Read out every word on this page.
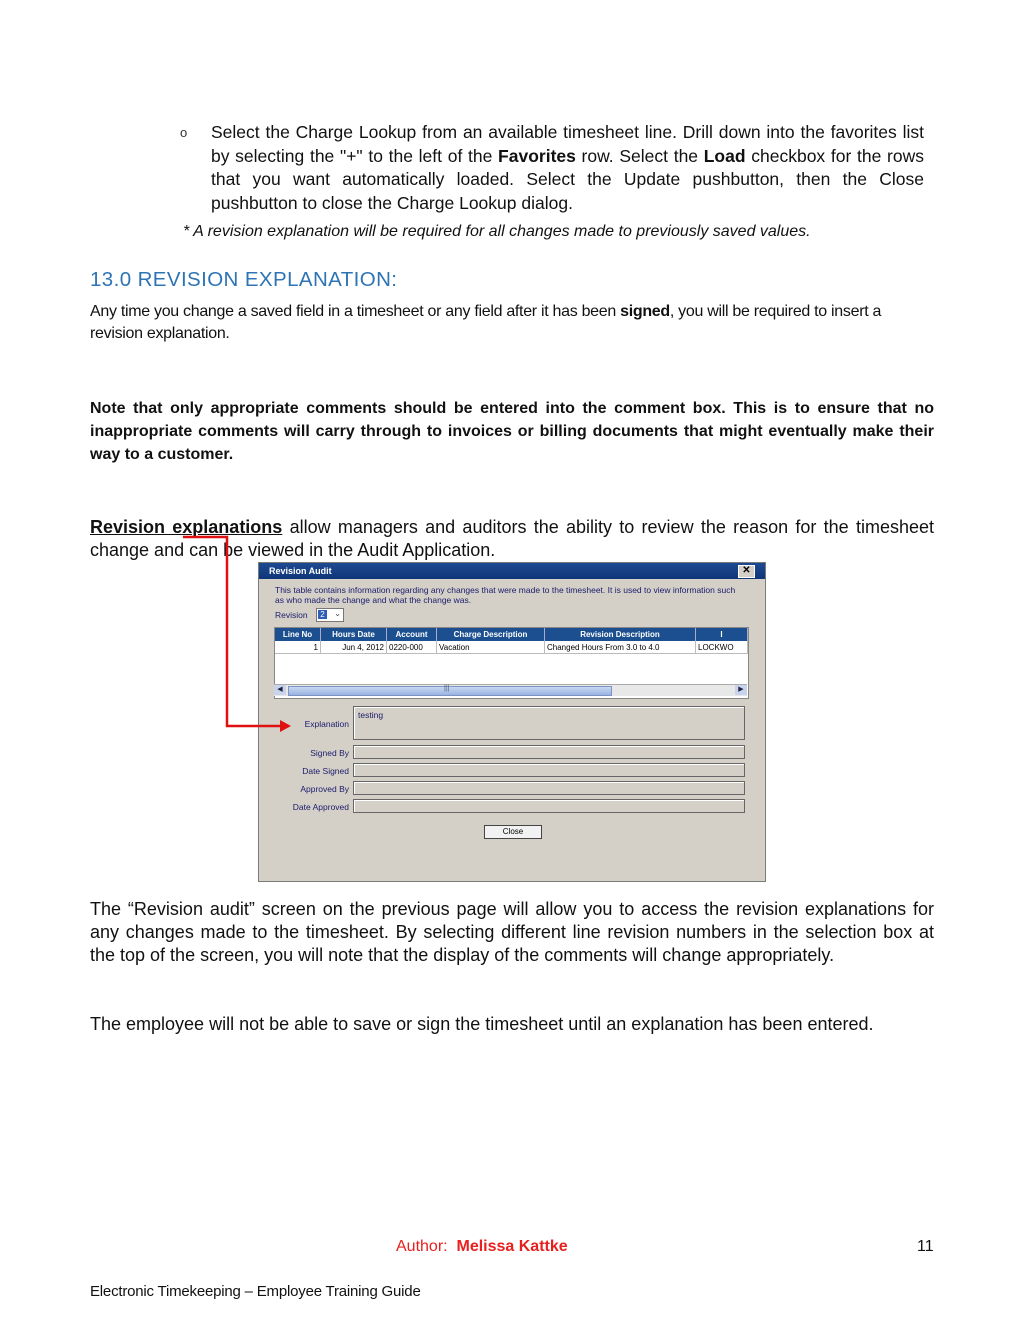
o Select the Charge Lookup from an available timesheet line. Drill down into the favorites list by selecting the "+" to the left of the Favorites row. Select the Load checkbox for the rows that you want automatically loaded. Select the Update pushbutton, then the Close pushbutton to close the Charge Lookup dialog.
* A revision explanation will be required for all changes made to previously saved values.
13.0 REVISION EXPLANATION:
Any time you change a saved field in a timesheet or any field after it has been signed, you will be required to insert a revision explanation.
Note that only appropriate comments should be entered into the comment box. This is to ensure that no inappropriate comments will carry through to invoices or billing documents that might eventually make their way to a customer.
Revision explanations allow managers and auditors the ability to review the reason for the timesheet change and can be viewed in the Audit Application.
Revision Audit	✕
This table contains information regarding any changes that were made to the timesheet. It is used to view information such as who made the change and what the change was.
Revision 2 ⌄
Line No	Hours Date	Account	Charge Description	Revision Description	I
1	Jun 4, 2012 0220-000	Vacation	Changed Hours From 3.0 to 4.0	LOCKWO
◀	|||	▶
Explanation
testing
Signed By
Date Signed
Approved By
Date Approved
Close
The “Revision audit” screen on the previous page will allow you to access the revision explanations for any changes made to the timesheet. By selecting different line revision numbers in the selection box at the top of the screen, you will note that the display of the comments will change appropriately.
The employee will not be able to save or sign the timesheet until an explanation has been entered.
Author: Melissa Kattke	11
Electronic Timekeeping – Employee Training Guide
